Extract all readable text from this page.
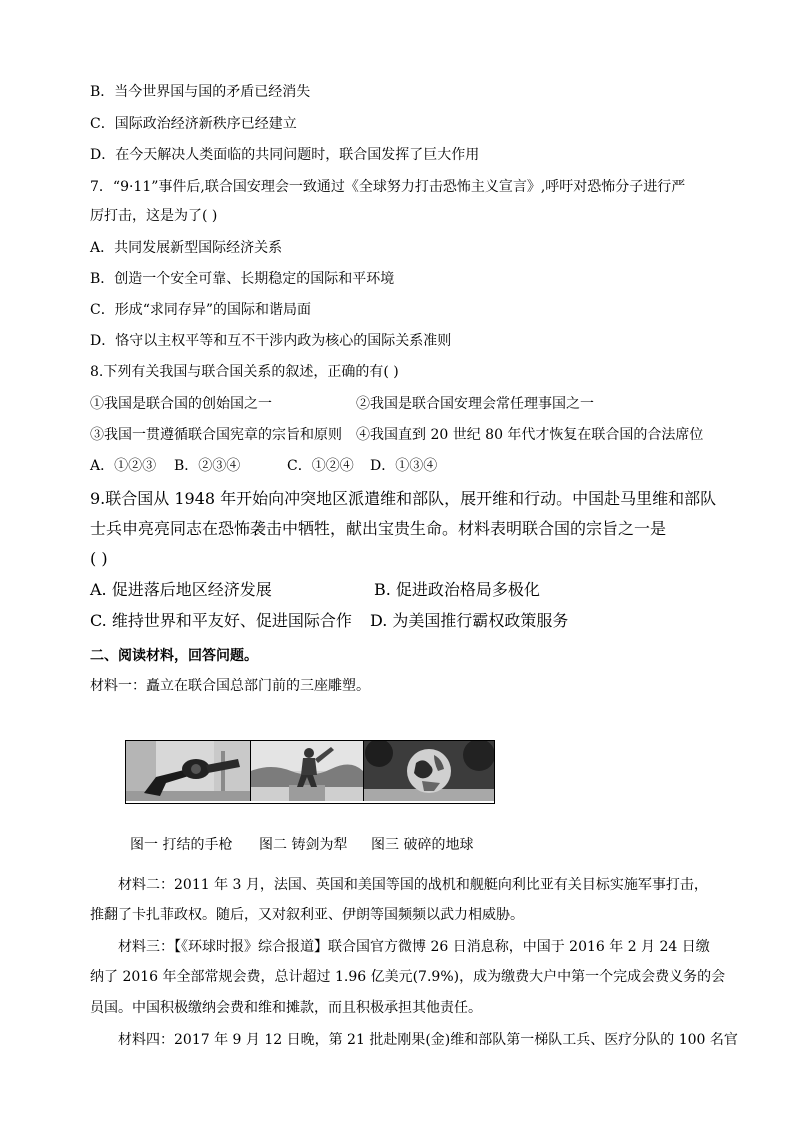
B．当今世界国与国的矛盾已经消失
C．国际政治经济新秩序已经建立
D．在今天解决人类面临的共同问题时，联合国发挥了巨大作用
7．“9·11”事件后,联合国安理会一致通过《全球努力打击恐怖主义宣言》,呼吁对恐怖分子进行严
厉打击，这是为了( )
A．共同发展新型国际经济关系
B．创造一个安全可靠、长期稳定的国际和平环境
C．形成“求同存异”的国际和谐局面
D．恪守以主权平等和互不干涉内政为核心的国际关系准则
8.下列有关我国与联合国关系的叙述，正确的有( )
①我国是联合国的创始国之一	②我国是联合国安理会常任理事国之一
③我国一贯遵循联合国宪章的宗旨和原则 ④我国直到 20 世纪 80 年代才恢复在联合国的合法席位
A．①②③ B．②③④	C．①②④ D．①③④
9.联合国从 1948 年开始向冲突地区派遣维和部队，展开维和行动。中国赴马里维和部队
士兵申亮亮同志在恐怖袭击中牺牲，献出宝贵生命。材料表明联合国的宗旨之一是
( )
A. 促进落后地区经济发展	B. 促进政治格局多极化
C. 维持世界和平友好、促进国际合作 D. 为美国推行霸权政策服务
二、阅读材料，回答问题。
材料一：矗立在联合国总部门前的三座雕塑。
图一 打结的手枪 图二 铸剑为犁 图三 破碎的地球
材料二：2011 年 3 月，法国、英国和美国等国的战机和舰艇向利比亚有关目标实施军事打击，
推翻了卡扎菲政权。随后，又对叙利亚、伊朗等国频频以武力相威胁。
材料三：【《环球时报》综合报道】联合国官方微博 26 日消息称，中国于 2016 年 2 月 24 日缴
纳了 2016 年全部常规会费，总计超过 1.96 亿美元(7.9%)，成为缴费大户中第一个完成会费义务的会
员国。中国积极缴纳会费和维和摊款，而且积极承担其他责任。
材料四：2017 年 9 月 12 日晚，第 21 批赴刚果(金)维和部队第一梯队工兵、医疗分队的 100 名官
